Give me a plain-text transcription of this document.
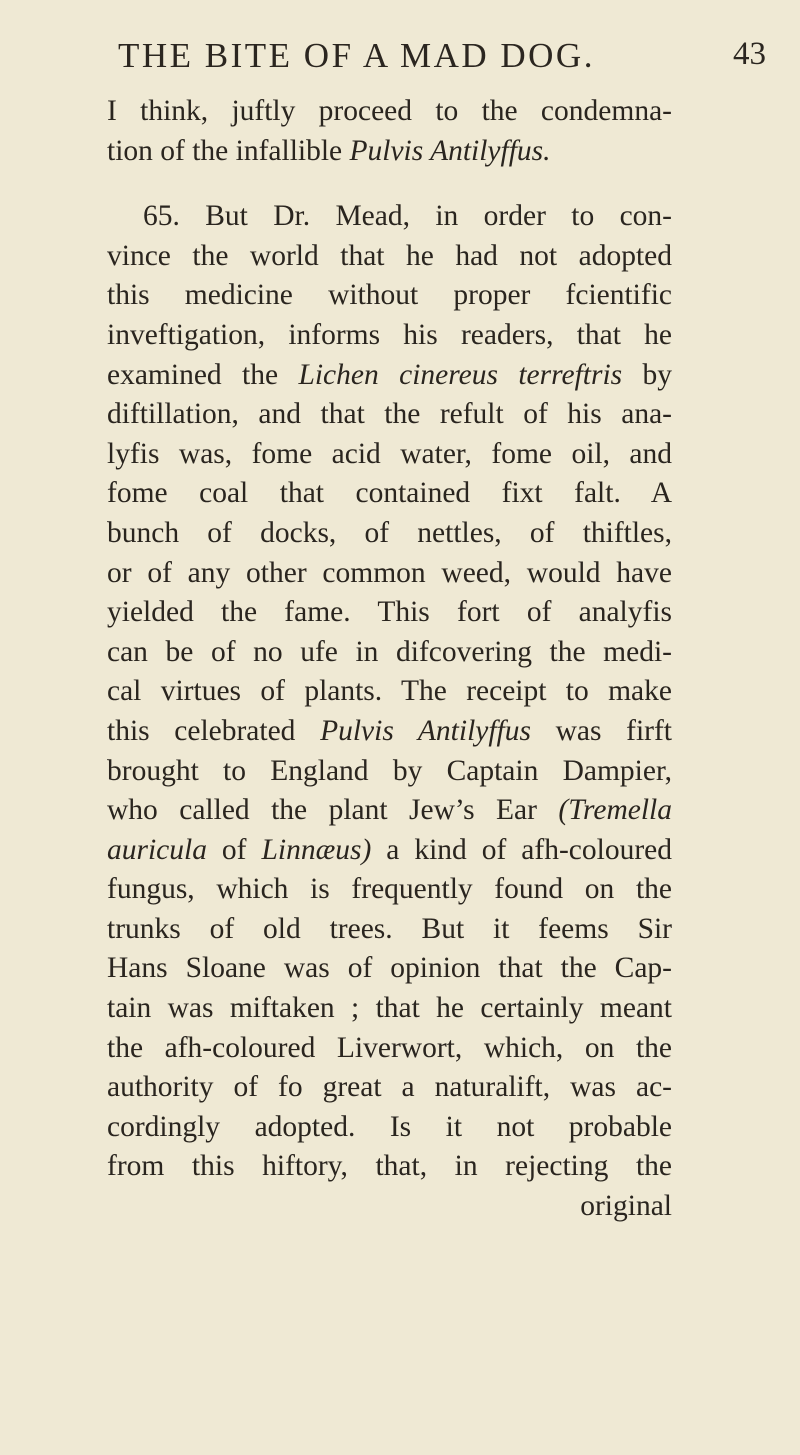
THE BITE OF A MAD DOG.	43
I think, juftly proceed to the condemna-
tion of the infallible Pulvis Antilyffus.
65. But Dr. Mead, in order to con-
vince the world that he had not adopted
this medicine without proper fcientific
inveftigation, informs his readers, that he
examined the Lichen cinereus terreftris by
diftillation, and that the refult of his ana-
lyfis was, fome acid water, fome oil, and
fome coal that contained fixt falt. A
bunch of docks, of nettles, of thiftles,
or of any other common weed, would have
yielded the fame. This fort of analyfis
can be of no ufe in difcovering the medi-
cal virtues of plants. The receipt to make
this celebrated Pulvis Antilyffus was firft
brought to England by Captain Dampier,
who called the plant Jew’s Ear (Tremella
auricula of Linnæus) a kind of afh-coloured
fungus, which is frequently found on the
trunks of old trees. But it feems Sir
Hans Sloane was of opinion that the Cap-
tain was miftaken ; that he certainly meant
the afh-coloured Liverwort, which, on the
authority of fo great a naturalift, was ac-
cordingly adopted. Is it not probable
from this hiftory, that, in rejecting the
original
